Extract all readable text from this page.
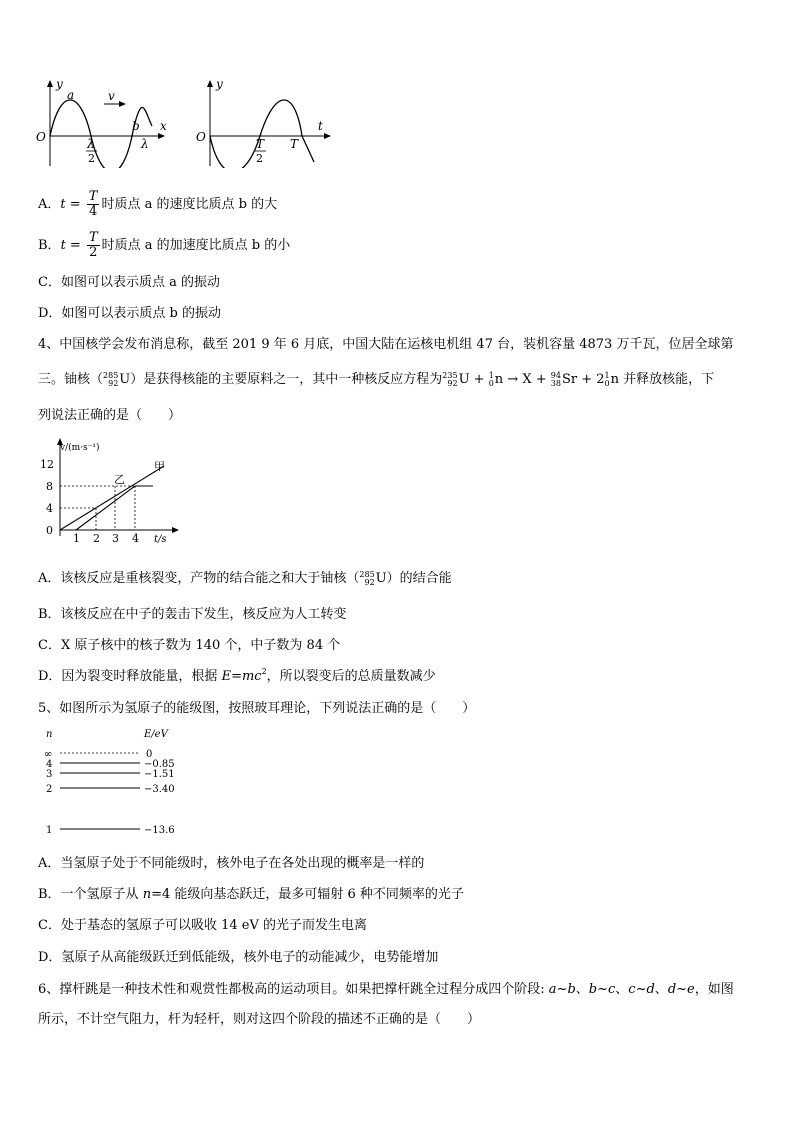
y
x
O
a
b
v
λ
λ
2
y
t
O	T
T
2
A．$t = \frac{T}{4}$ 时质点 a 的速度比质点 b 的大
B．$t = \frac{T}{2}$ 时质点 a 的加速度比质点 b 的小
C．如图可以表示质点 a 的振动
D．如图可以表示质点 b 的振动
4、中国核学会发布消息称，截至 201 9 年 6 月底，中国大陆在运核电机组 47 台，装机容量 4873 万千瓦，位居全球第
三。铀核（ 285
92 U）是获得核能的主要原料之一，其中一种核反应方程为 235
92 U + 1
0 n → X + 94
38 Sr + 2 1
0 n 并释放核能，下
列说法正确的是（　　）
v/(m·s⁻¹)
12
8
4
0
1 2 3 4 t/s
甲
乙
A．该核反应是重核裂变，产物的结合能之和大于铀核（ 285
92 U）的结合能
B．该核反应在中子的轰击下发生，核反应为人工转变
C．X 原子核中的核子数为 140 个，中子数为 84 个
D．因为裂变时释放能量，根据 $E=mc^2$，所以裂变后的总质量数减少
5、如图所示为氢原子的能级图，按照玻耳理论，下列说法正确的是（　　）
n	E/eV
∞	0
4	−0.85
3	−1.51
2	−3.40
1	−13.6
A．当氢原子处于不同能级时，核外电子在各处出现的概率是一样的
B．一个氢原子从 n=4 能级向基态跃迁，最多可辐射 6 种不同频率的光子
C．处于基态的氢原子可以吸收 14 eV 的光子而发生电离
D．氢原子从高能级跃迁到低能级，核外电子的动能减少，电势能增加
6、撑杆跳是一种技术性和观赏性都极高的运动项目。如果把撑杆跳全过程分成四个阶段: a~b、b~c、c~d、d~e，如图
所示，不计空气阻力，杆为轻杆，则对这四个阶段的描述不正确的是（　　）
